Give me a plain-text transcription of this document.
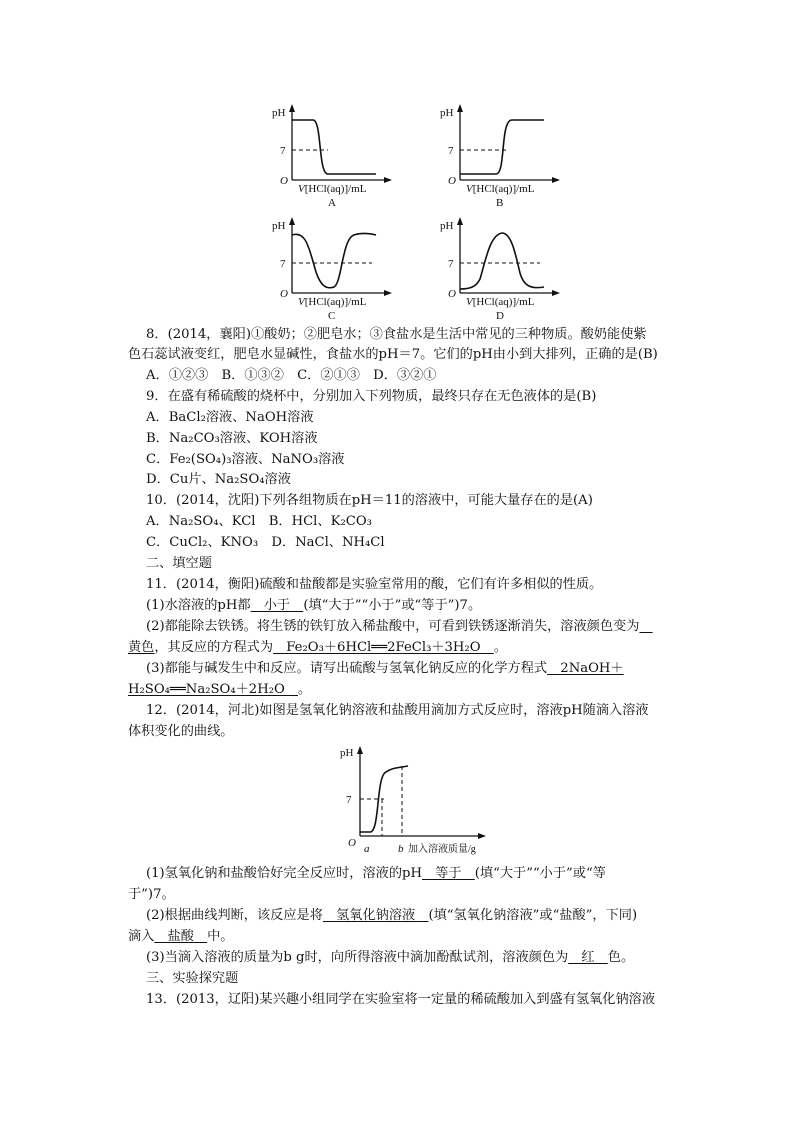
pH
7
O
V[HCl(aq)]/mL
A
pH
7
O
V[HCl(aq)]/mL
B
pH
7
O
V[HCl(aq)]/mL
C
pH
7
O
V[HCl(aq)]/mL
D
8．(2014，襄阳)①酸奶；②肥皂水；③食盐水是生活中常见的三种物质。酸奶能使紫
色石蕊试液变红，肥皂水显碱性，食盐水的pH＝7。它们的pH由小到大排列，正确的是(B)
A．①②③　B．①③②　C．②①③　D．③②①
9．在盛有稀硫酸的烧杯中，分别加入下列物质，最终只存在无色液体的是(B)
A．BaCl₂溶液、NaOH溶液
B．Na₂CO₃溶液、KOH溶液
C．Fe₂(SO₄)₃溶液、NaNO₃溶液
D．Cu片、Na₂SO₄溶液
10．(2014，沈阳)下列各组物质在pH＝11的溶液中，可能大量存在的是(A)
A．Na₂SO₄、KCl　B．HCl、K₂CO₃
C．CuCl₂、KNO₃　D．NaCl、NH₄Cl
二、填空题
11．(2014，衡阳)硫酸和盐酸都是实验室常用的酸，它们有许多相似的性质。
(1)水溶液的pH都　小于　(填“大于”“小于”或“等于”)7。
(2)都能除去铁锈。将生锈的铁钉放入稀盐酸中，可看到铁锈逐渐消失，溶液颜色变为　
黄色，其反应的方程式为　Fe₂O₃＋6HCl══2FeCl₃＋3H₂O　。
(3)都能与碱发生中和反应。请写出硫酸与氢氧化钠反应的化学方程式　2NaOH＋
H₂SO₄══Na₂SO₄＋2H₂O　。
12．(2014，河北)如图是氢氧化钠溶液和盐酸用滴加方式反应时，溶液pH随滴入溶液
体积变化的曲线。
pH
7
O a	b 加入溶液质量/g
(1)氢氧化钠和盐酸恰好完全反应时，溶液的pH　等于　(填“大于”“小于”或“等
于”)7。
(2)根据曲线判断，该反应是将　氢氧化钠溶液　(填“氢氧化钠溶液”或“盐酸”，下同)
滴入　盐酸　中。
(3)当滴入溶液的质量为b g时，向所得溶液中滴加酚酞试剂，溶液颜色为　红　色。
三、实验探究题
13．(2013，辽阳)某兴趣小组同学在实验室将一定量的稀硫酸加入到盛有氢氧化钠溶液
